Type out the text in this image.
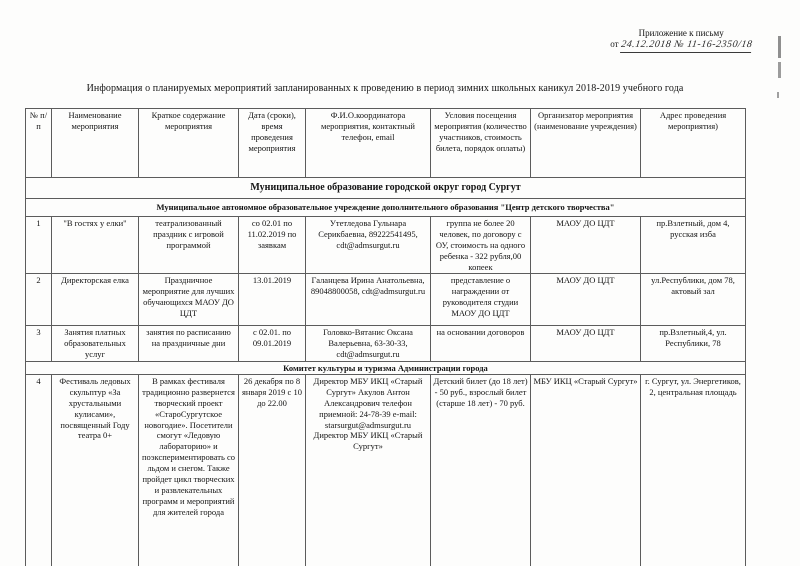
Приложение к письму
от 24.12.2018 № 11-16-2350/18
Информация о планируемых мероприятий запланированных к проведению в период зимних школьных каникул 2018-2019 учебного года
№ п/п	Наименование мероприятия	Краткое содержание мероприятия	Дата (сроки), время проведения мероприятия	Ф.И.О.координатора мероприятия, контактный телефон, email	Условия посещения мероприятия (количество участников, стоимость билета, порядок оплаты)	Организатор мероприятия (наименование учреждения)	Адрес проведения мероприятия)
Муниципальное образование городской округ город Сургут							
Муниципальное автономное образовательное учреждение дополнительного образования "Центр детского творчества"							
1	"В гостях у елки"	театрализованный праздник с игровой программой	со 02.01 по 11.02.2019 по заявкам	Утетледова Гульнара Серикбаевна, 89222541495, cdt@admsurgut.ru	группа не более 20 человек, по договору с ОУ, стоимость на одного ребенка - 322 рубля,00 копеек	МАОУ ДО ЦДТ	пр.Взлетный, дом 4, русская изба
2	Директорская елка	Праздничное мероприятие для лучших обучающихся МАОУ ДО ЦДТ	13.01.2019	Галанцева Ирина Анатольевна, 89048800058, cdt@admsurgut.ru	представление о награждении от руководителя студии МАОУ ДО ЦДТ	МАОУ ДО ЦДТ	ул.Республики, дом 78, актовый зал
3	Занятия платных образовательных услуг	занятия по расписанию на праздничные дни	с 02.01. по 09.01.2019	Головко-Вятанис Оксана Валерьевна, 63-30-33, cdt@admsurgut.ru	на основании договоров	МАОУ ДО ЦДТ	пр.Взлетный,4, ул. Республики, 78
Комитет культуры и туризма Администрации города							
4	Фестиваль ледовых скульптур «За хрустальными кулисами», посвященный Году театра 0+	В рамках фестиваля традиционно развернется творческий проект «СтароСургутское новогодие». Посетители смогут «Ледовую лабораторию» и поэкспериментировать со льдом и снегом. Также пройдет цикл творческих и развлекательных программ и мероприятий для жителей города	26 декабря по 8 января 2019 с 10 до 22.00	Директор МБУ ИКЦ «Старый Сургут» Акулов Антон Александрович телефон приемной: 24-78-39 e-mail: starsurgut@admsurgut.ru Директор МБУ ИКЦ «Старый Сургут»	Детский билет (до 18 лет) - 50 руб., взрослый билет (старше 18 лет) - 70 руб.	МБУ ИКЦ «Старый Сургут»	г. Сургут, ул. Энергетиков, 2, центральная площадь
